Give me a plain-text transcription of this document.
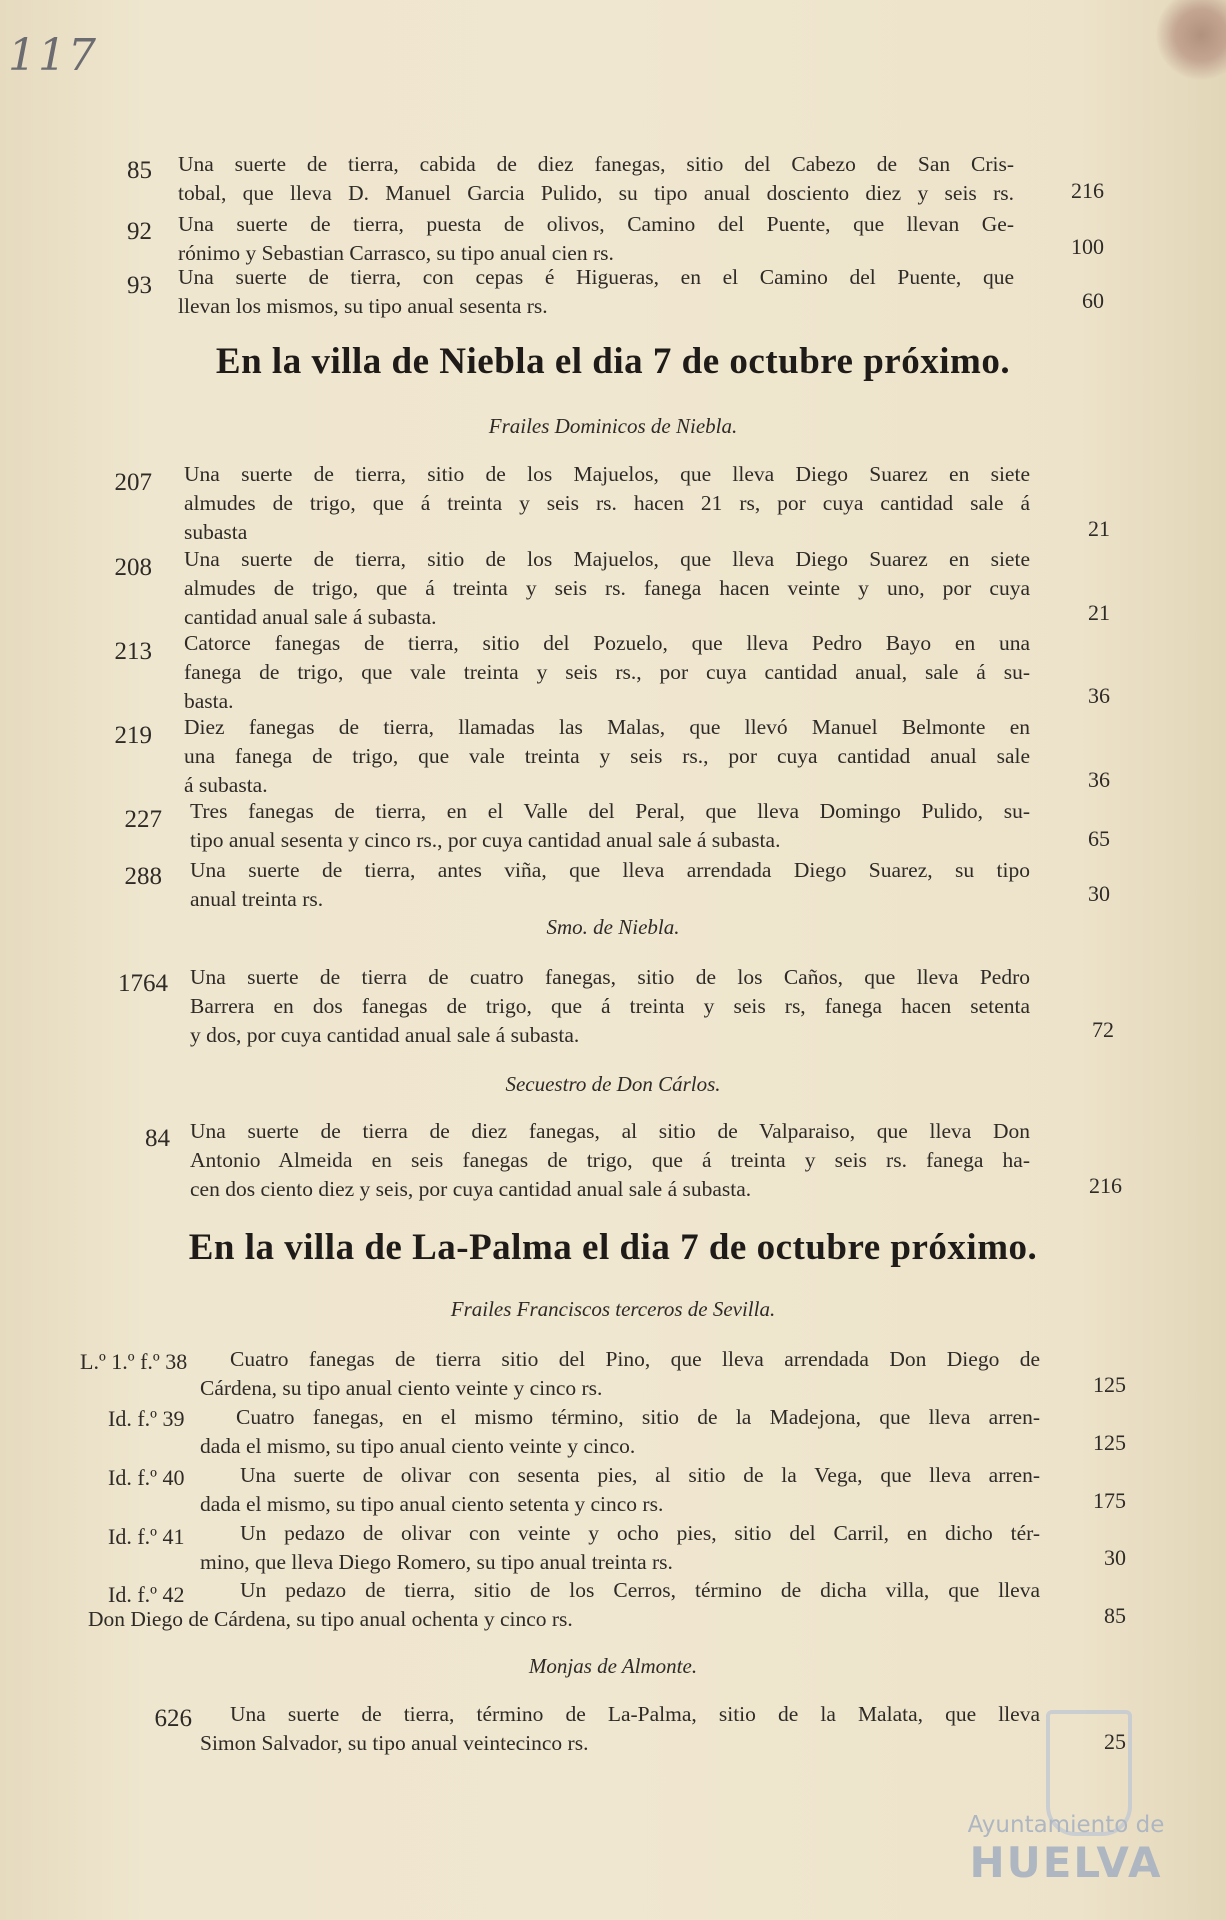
117
85 Una suerte de tierra, cabida de diez fanegas, sitio del Cabezo de San Cris-
tobal, que lleva D. Manuel Garcia Pulido, su tipo anual dosciento diez y seis rs.	216
92 Una suerte de tierra, puesta de olivos, Camino del Puente, que llevan Ge-
rónimo y Sebastian Carrasco, su tipo anual cien rs.	100
93 Una suerte de tierra, con cepas é Higueras, en el Camino del Puente, que
llevan los mismos, su tipo anual sesenta rs.	60
En la villa de Niebla el dia 7 de octubre próximo.
Frailes Dominicos de Niebla.
207 Una suerte de tierra, sitio de los Majuelos, que lleva Diego Suarez en siete
almudes de trigo, que á treinta y seis rs. hacen 21 rs, por cuya cantidad sale á
subasta	21
208 Una suerte de tierra, sitio de los Majuelos, que lleva Diego Suarez en siete
almudes de trigo, que á treinta y seis rs. fanega hacen veinte y uno, por cuya
cantidad anual sale á subasta.	21
213 Catorce fanegas de tierra, sitio del Pozuelo, que lleva Pedro Bayo en una
fanega de trigo, que vale treinta y seis rs., por cuya cantidad anual, sale á su-
basta.	36
219 Diez fanegas de tierra, llamadas las Malas, que llevó Manuel Belmonte en
una fanega de trigo, que vale treinta y seis rs., por cuya cantidad anual sale
á subasta.	36
227 Tres fanegas de tierra, en el Valle del Peral, que lleva Domingo Pulido, su-
tipo anual sesenta y cinco rs., por cuya cantidad anual sale á subasta.	65
288 Una suerte de tierra, antes viña, que lleva arrendada Diego Suarez, su tipo
anual treinta rs.	30
Smo. de Niebla.
1764 Una suerte de tierra de cuatro fanegas, sitio de los Caños, que lleva Pedro
Barrera en dos fanegas de trigo, que á treinta y seis rs, fanega hacen setenta
y dos, por cuya cantidad anual sale á subasta.	72
Secuestro de Don Cárlos.
84 Una suerte de tierra de diez fanegas, al sitio de Valparaiso, que lleva Don
Antonio Almeida en seis fanegas de trigo, que á treinta y seis rs. fanega ha-
cen dos ciento diez y seis, por cuya cantidad anual sale á subasta.	216
En la villa de La-Palma el dia 7 de octubre próximo.
Frailes Franciscos terceros de Sevilla.
L.º 1.º f.º 38	Cuatro fanegas de tierra sitio del Pino, que lleva arrendada Don Diego de
Cárdena, su tipo anual ciento veinte y cinco rs.	125
Id. f.º 39	Cuatro fanegas, en el mismo término, sitio de la Madejona, que lleva arren-
dada el mismo, su tipo anual ciento veinte y cinco.	125
Id. f.º 40	Una suerte de olivar con sesenta pies, al sitio de la Vega, que lleva arren-
dada el mismo, su tipo anual ciento setenta y cinco rs.	175
Id. f.º 41	Un pedazo de olivar con veinte y ocho pies, sitio del Carril, en dicho tér-
mino, que lleva Diego Romero, su tipo anual treinta rs.	30
Id. f.º 42	Un pedazo de tierra, sitio de los Cerros, término de dicha villa, que lleva
Don Diego de Cárdena, su tipo anual ochenta y cinco rs.	85
Monjas de Almonte.
626 Una suerte de tierra, término de La-Palma, sitio de la Malata, que lleva
Simon Salvador, su tipo anual veintecinco rs.	25
Ayuntamiento de
HUELVA
